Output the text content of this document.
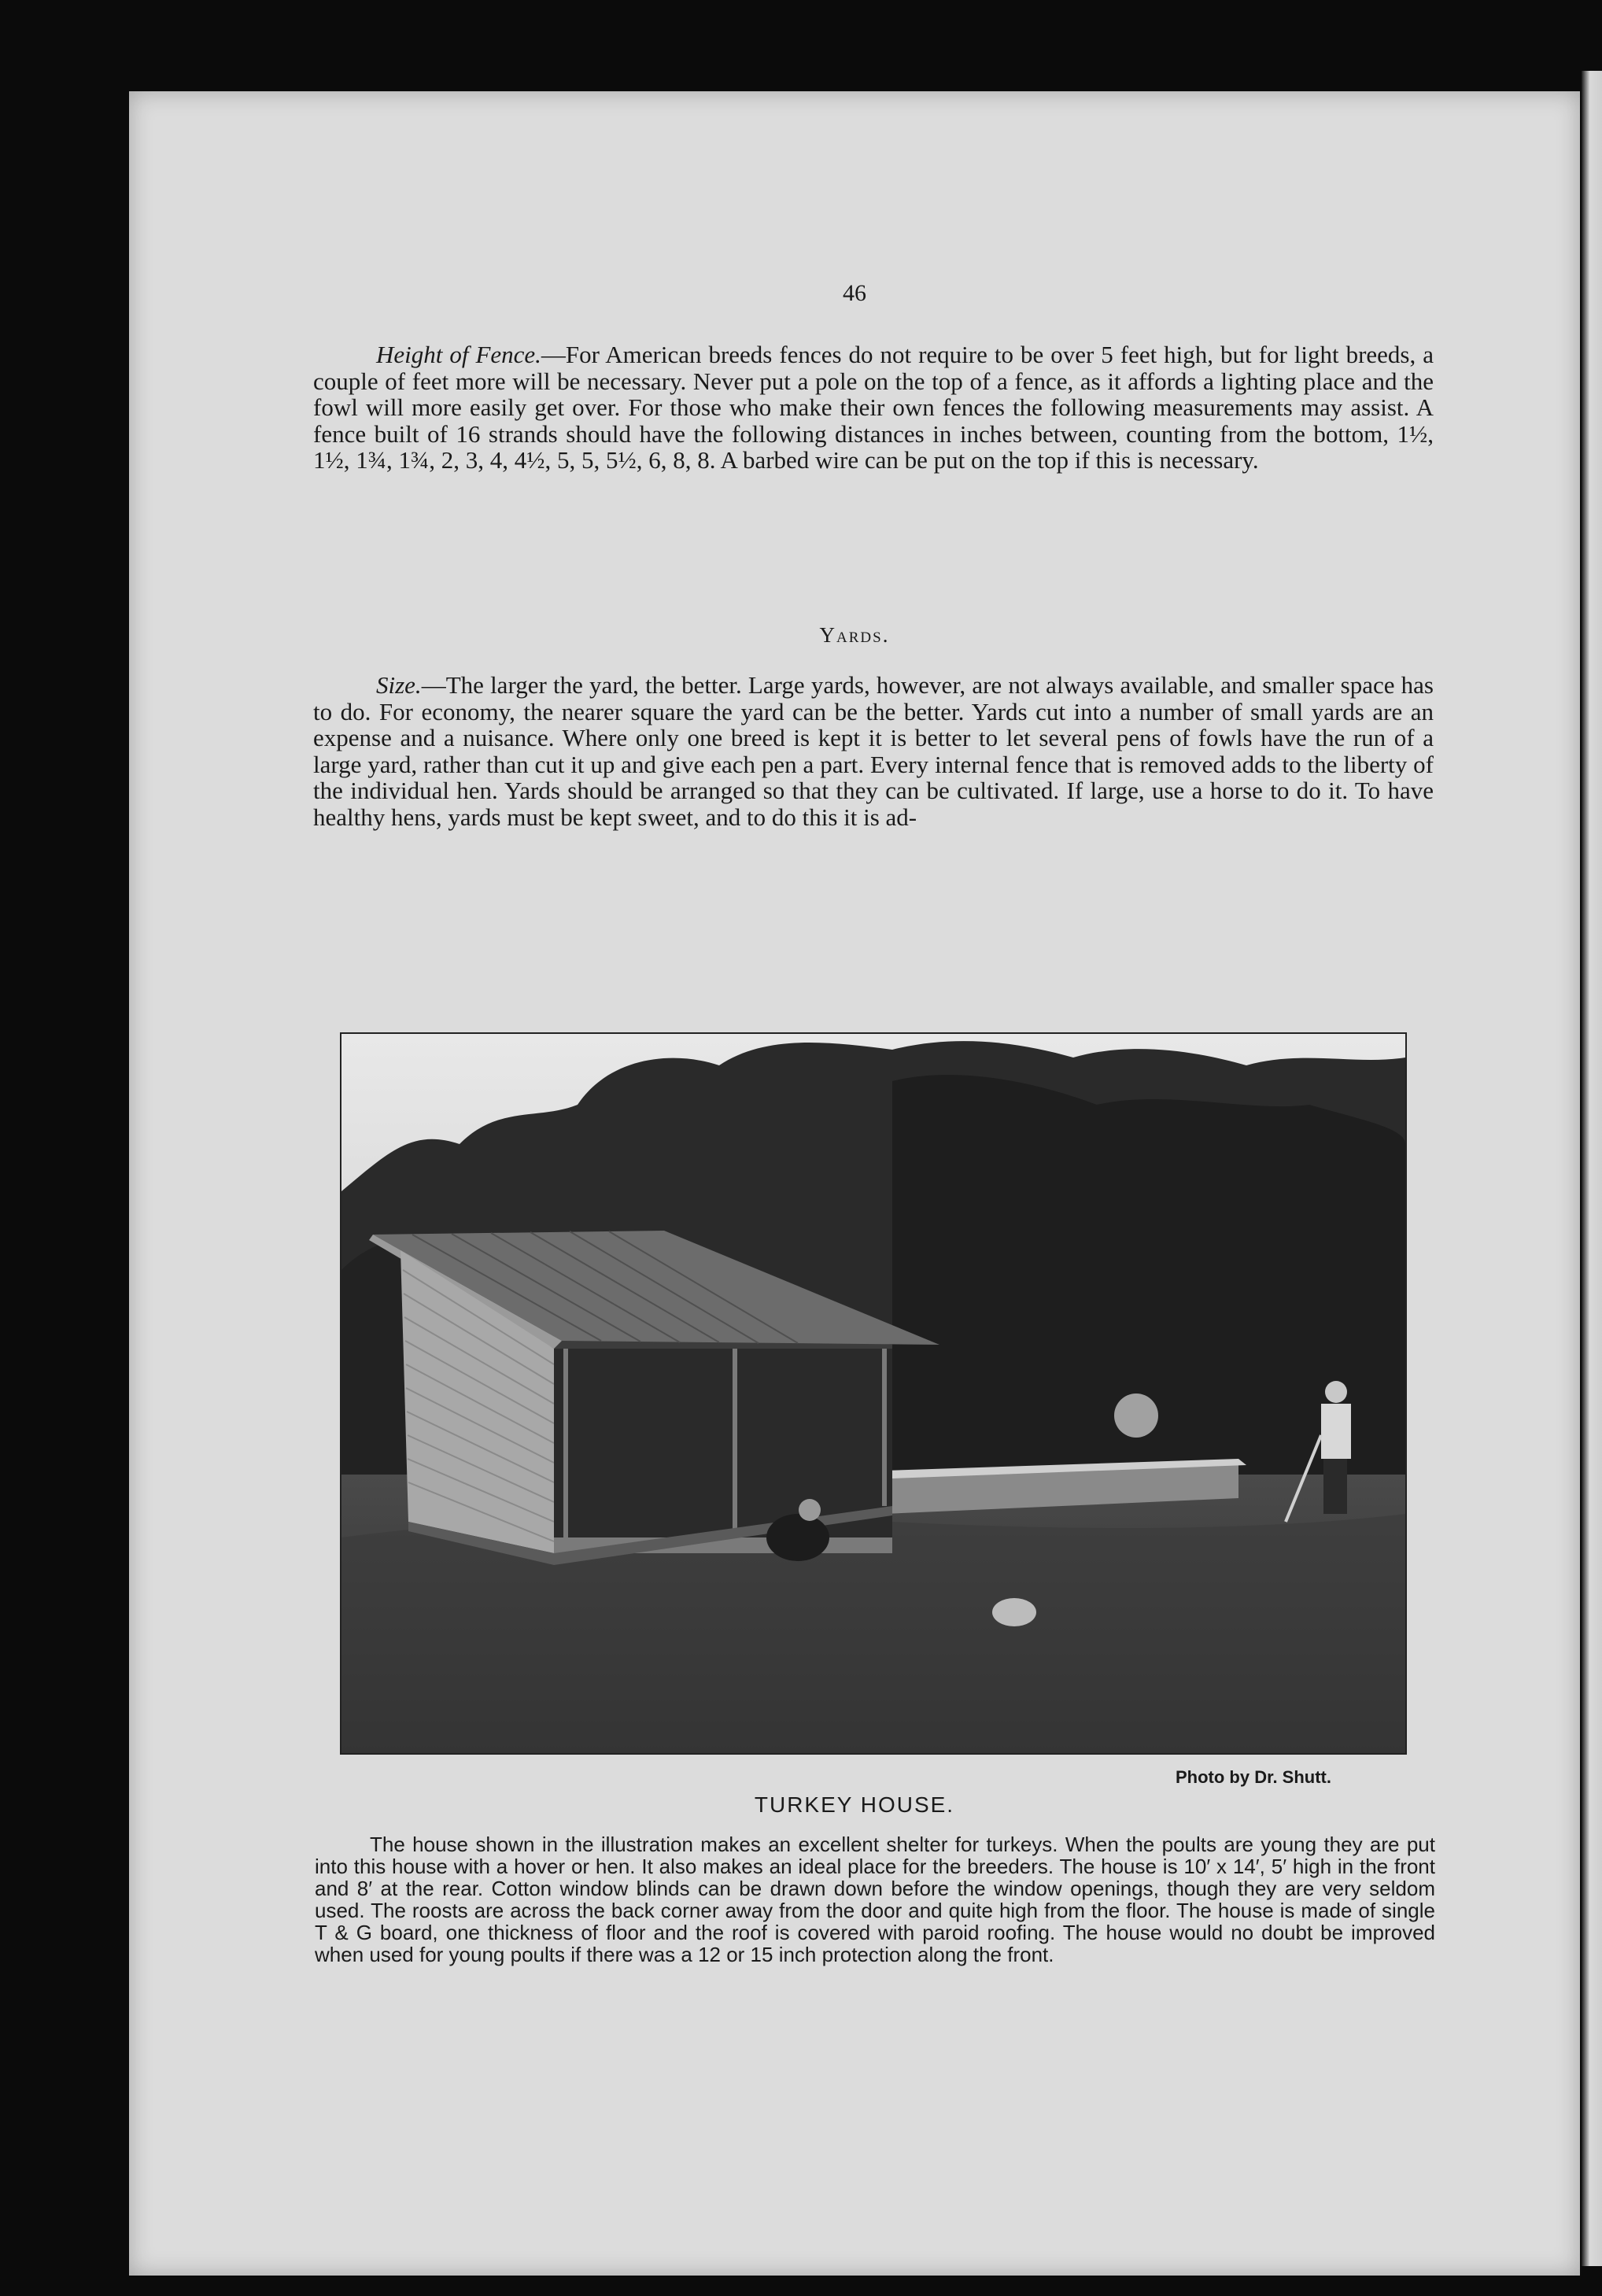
46
Height of Fence.—For American breeds fences do not require to be over 5 feet high, but for light breeds, a couple of feet more will be necessary. Never put a pole on the top of a fence, as it affords a lighting place and the fowl will more easily get over. For those who make their own fences the following measurements may assist. A fence built of 16 strands should have the following distances in inches between, counting from the bottom, 1½, 1½, 1¾, 1¾, 2, 3, 4, 4½, 5, 5, 5½, 6, 8, 8. A barbed wire can be put on the top if this is necessary.
Yards.
Size.—The larger the yard, the better. Large yards, however, are not always available, and smaller space has to do. For economy, the nearer square the yard can be the better. Yards cut into a number of small yards are an expense and a nuisance. Where only one breed is kept it is better to let several pens of fowls have the run of a large yard, rather than cut it up and give each pen a part. Every internal fence that is removed adds to the liberty of the individual hen. Yards should be arranged so that they can be cultivated. If large, use a horse to do it. To have healthy hens, yards must be kept sweet, and to do this it is ad-
Photo by Dr. Shutt.
TURKEY HOUSE.
The house shown in the illustration makes an excellent shelter for turkeys. When the poults are young they are put into this house with a hover or hen. It also makes an ideal place for the breeders. The house is 10′ x 14′, 5′ high in the front and 8′ at the rear. Cotton window blinds can be drawn down before the window openings, though they are very seldom used. The roosts are across the back corner away from the door and quite high from the floor. The house is made of single T & G board, one thickness of floor and the roof is covered with paroid roofing. The house would no doubt be improved when used for young poults if there was a 12 or 15 inch protection along the front.
